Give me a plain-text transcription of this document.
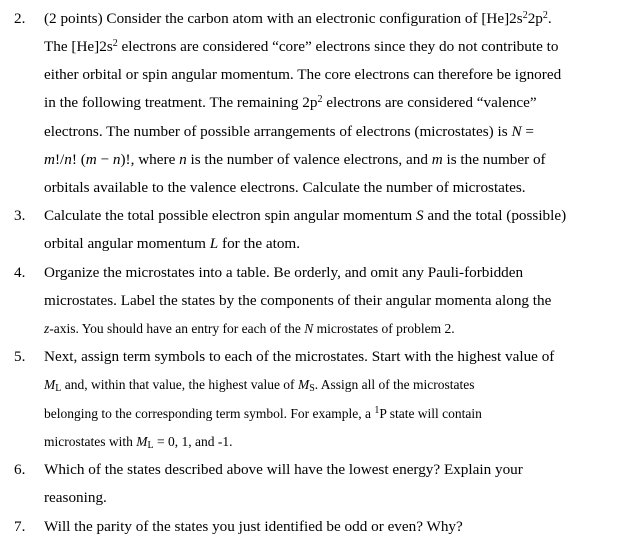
2. (2 points) Consider the carbon atom with an electronic configuration of $[He]2s^22p^2$.
The $[He]2s^2$ electrons are considered “core” electrons since they do not contribute to
either orbital or spin angular momentum. The core electrons can therefore be ignored
in the following treatment. The remaining $2p^2$ electrons are considered “valence”
electrons. The number of possible arrangements of electrons (microstates) is N =
m!/n! (m − n)!, where n is the number of valence electrons, and m is the number of
orbitals available to the valence electrons. Calculate the number of microstates.
3. Calculate the total possible electron spin angular momentum S and the total (possible)
orbital angular momentum L for the atom.
4. Organize the microstates into a table. Be orderly, and omit any Pauli-forbidden
microstates. Label the states by the components of their angular momenta along the
z-axis. You should have an entry for each of the N microstates of problem 2.
5. Next, assign term symbols to each of the microstates. Start with the highest value of
$M_L$ and, within that value, the highest value of $M_S$. Assign all of the microstates
belonging to the corresponding term symbol. For example, a $^1$P state will contain
microstates with $M_L = 0$, 1, and -1.
6. Which of the states described above will have the lowest energy? Explain your
reasoning.
7. Will the parity of the states you just identified be odd or even? Why?
